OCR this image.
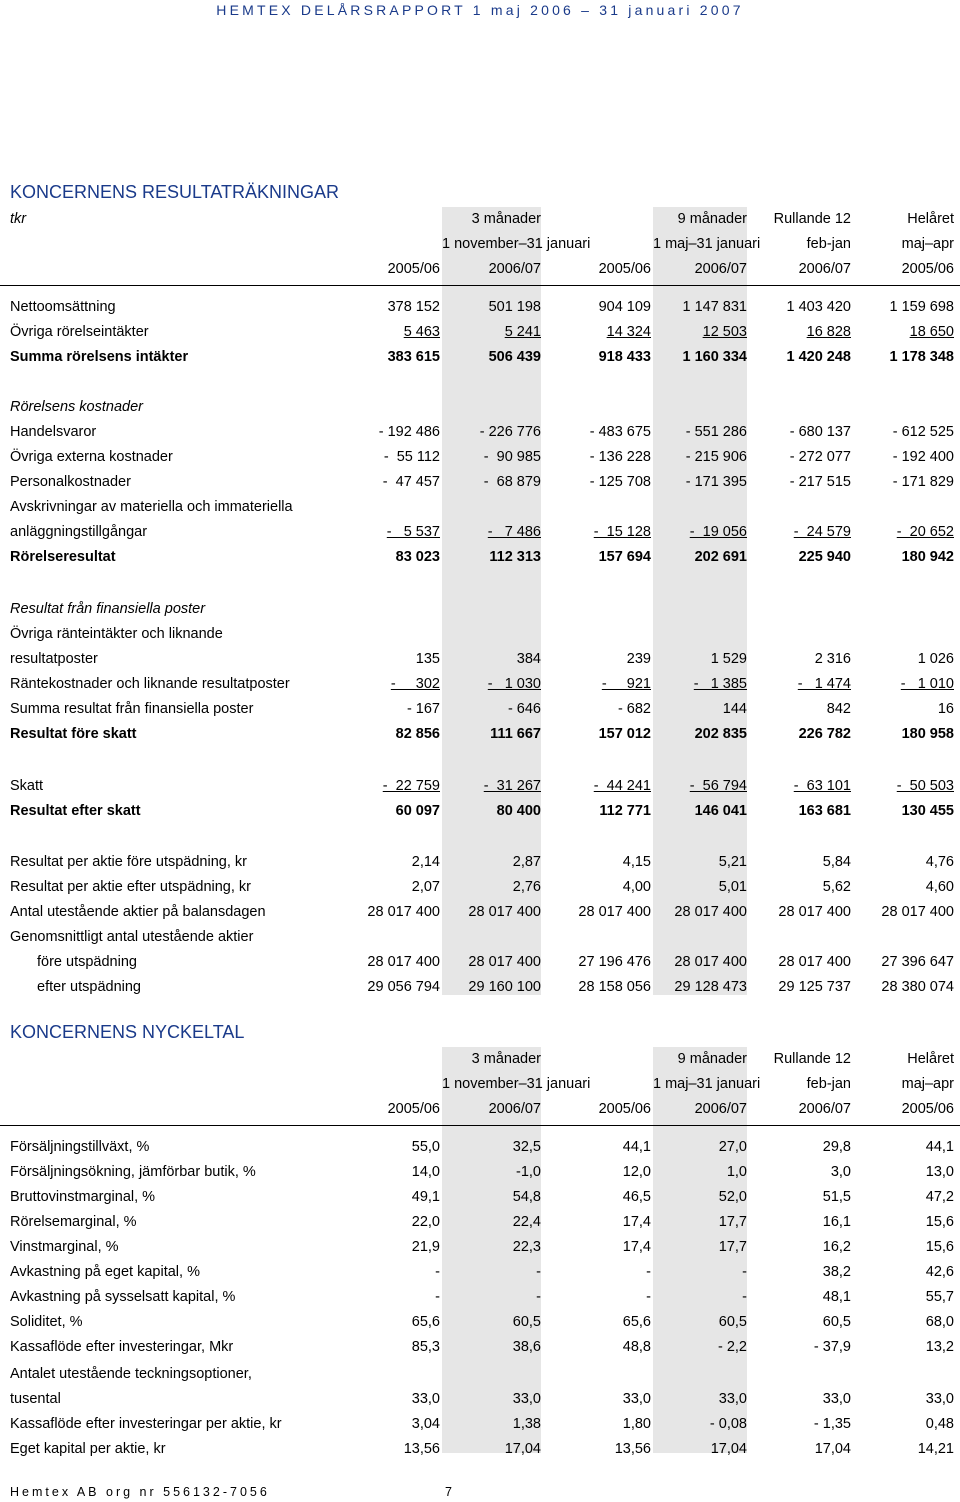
HEMTEX DELÅRSRAPPORT 1 maj 2006 – 31 januari 2007
KONCERNENS RESULTATRÄKNINGAR
tkr	3 månader	9 månader	Rullande 12	Helåret
1 november–31 januari	1 maj–31 januari	feb-jan	maj–apr
2005/06	2006/07	2005/06	2006/07	2006/07	2005/06
Nettoomsättning	378 152	501 198	904 109	1 147 831	1 403 420	1 159 698
Övriga rörelseintäkter	5 463	5 241	14 324	12 503	16 828	18 650
Summa rörelsens intäkter	383 615	506 439	918 433	1 160 334	1 420 248	1 178 348
Rörelsens kostnader
Handelsvaror	- 192 486	- 226 776	- 483 675	- 551 286	- 680 137	- 612 525
Övriga externa kostnader	-  55 112	-  90 985	- 136 228	- 215 906	- 272 077	- 192 400
Personalkostnader	-  47 457	-  68 879	- 125 708	- 171 395	- 217 515	- 171 829
Avskrivningar av materiella och immateriella
anläggningstillgångar	-   5 537	-   7 486	-  15 128	-  19 056	-  24 579	-  20 652
Rörelseresultat	83 023	112 313	157 694	202 691	225 940	180 942
Resultat från finansiella poster
Övriga ränteintäkter och liknande
resultatposter	135	384	239	1 529	2 316	1 026
Räntekostnader och liknande resultatposter	-     302	-   1 030	-     921	-   1 385	-   1 474	-   1 010
Summa resultat från finansiella poster	- 167	- 646	- 682	144	842	16
Resultat före skatt	82 856	111 667	157 012	202 835	226 782	180 958
Skatt	-  22 759	-  31 267	-  44 241	-  56 794	-  63 101	-  50 503
Resultat efter skatt	60 097	80 400	112 771	146 041	163 681	130 455
Resultat per aktie före utspädning, kr	2,14	2,87	4,15	5,21	5,84	4,76
Resultat per aktie efter utspädning, kr	2,07	2,76	4,00	5,01	5,62	4,60
Antal utestående aktier på balansdagen	28 017 400	28 017 400	28 017 400	28 017 400	28 017 400	28 017 400
Genomsnittligt antal utestående aktier
före utspädning	28 017 400	28 017 400	27 196 476	28 017 400	28 017 400	27 396 647
efter utspädning	29 056 794	29 160 100	28 158 056	29 128 473	29 125 737	28 380 074
KONCERNENS NYCKELTAL
3 månader	9 månader	Rullande 12	Helåret
1 november–31 januari	1 maj–31 januari	feb-jan	maj–apr
2005/06	2006/07	2005/06	2006/07	2006/07	2005/06
Försäljningstillväxt, %	55,0	32,5	44,1	27,0	29,8	44,1
Försäljningsökning, jämförbar butik, %	14,0	-1,0	12,0	1,0	3,0	13,0
Bruttovinstmarginal, %	49,1	54,8	46,5	52,0	51,5	47,2
Rörelsemarginal, %	22,0	22,4	17,4	17,7	16,1	15,6
Vinstmarginal, %	21,9	22,3	17,4	17,7	16,2	15,6
Avkastning på eget kapital, %	-	-	-	-	38,2	42,6
Avkastning på sysselsatt kapital, %	-	-	-	-	48,1	55,7
Soliditet, %	65,6	60,5	65,6	60,5	60,5	68,0
Kassaflöde efter investeringar, Mkr	85,3	38,6	48,8	- 2,2	- 37,9	13,2
Antalet utestående teckningsoptioner,
tusental	33,0	33,0	33,0	33,0	33,0	33,0
Kassaflöde efter investeringar per aktie, kr	3,04	1,38	1,80	- 0,08	- 1,35	0,48
Eget kapital per aktie, kr	13,56	17,04	13,56	17,04	17,04	14,21
Hemtex AB org nr 556132-7056	7
